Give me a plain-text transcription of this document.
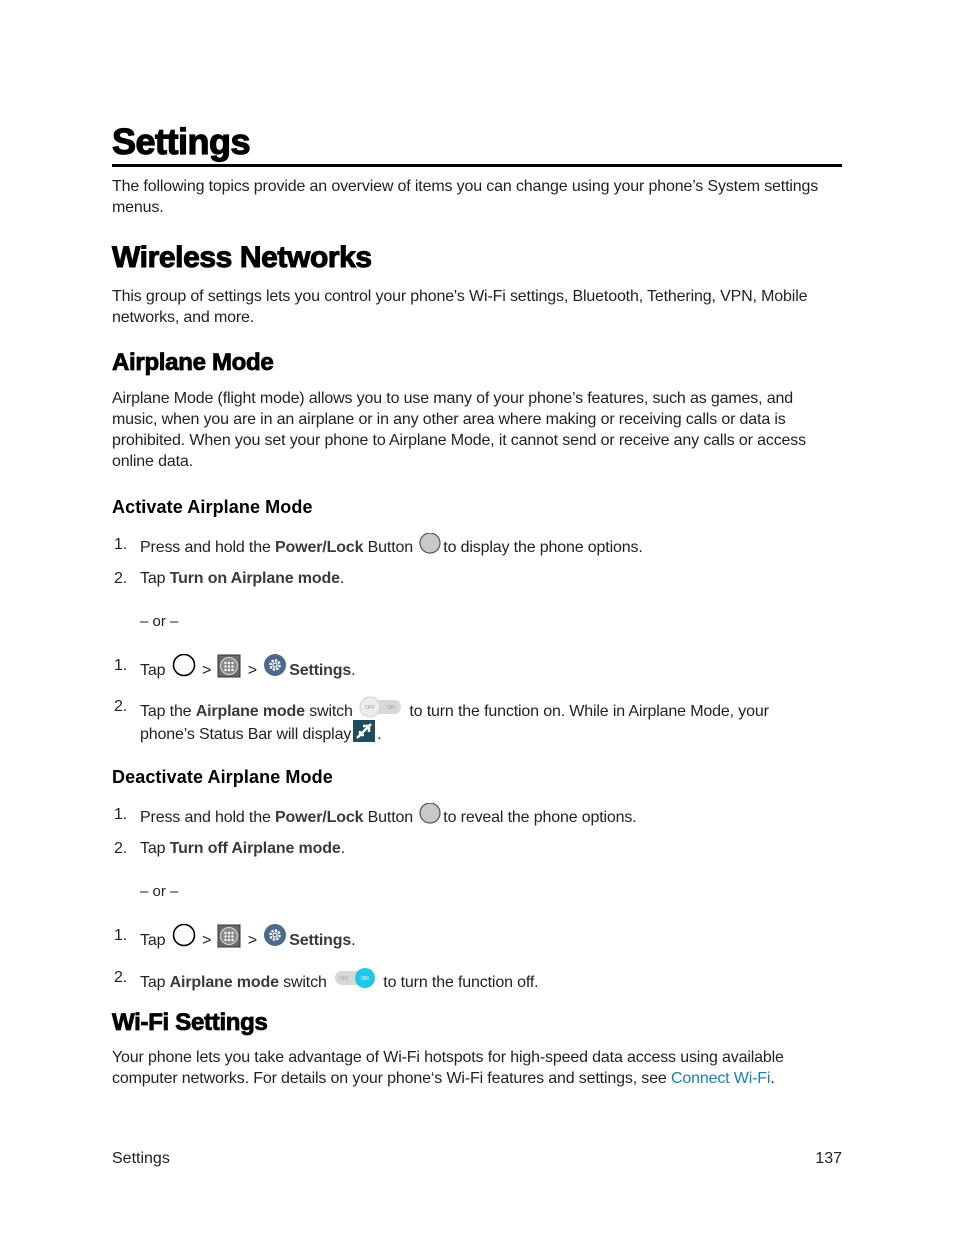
Settings

The following topics provide an overview of items you can change using your phone’s System settings menus.

Wireless Networks

This group of settings lets you control your phone's Wi-Fi settings, Bluetooth, Tethering, VPN, Mobile networks, and more.

Airplane Mode

Airplane Mode (flight mode) allows you to use many of your phone’s features, such as games, and music, when you are in an airplane or in any other area where making or receiving calls or data is prohibited. When you set your phone to Airplane Mode, it cannot send or receive any calls or access online data.

Activate Airplane Mode
1. Press and hold the Power/Lock Button to display the phone options.
2. Tap Turn on Airplane mode.
– or –
1. Tap  >  > Settings.
2. Tap the Airplane mode switch OFF	ON to turn the function on. While in Airplane Mode, your
phone’s Status Bar will display .
Deactivate Airplane Mode
1. Press and hold the Power/Lock Button to reveal the phone options.
2. Tap Turn off Airplane mode.
– or –
1. Tap  >  > Settings.
2. Tap Airplane mode switch OFF	ON to turn the function off.
Wi-Fi Settings

Your phone lets you take advantage of Wi-Fi hotspots for high-speed data access using available computer networks. For details on your phone‘s Wi-Fi features and settings, see Connect Wi-Fi.

Settings	137
